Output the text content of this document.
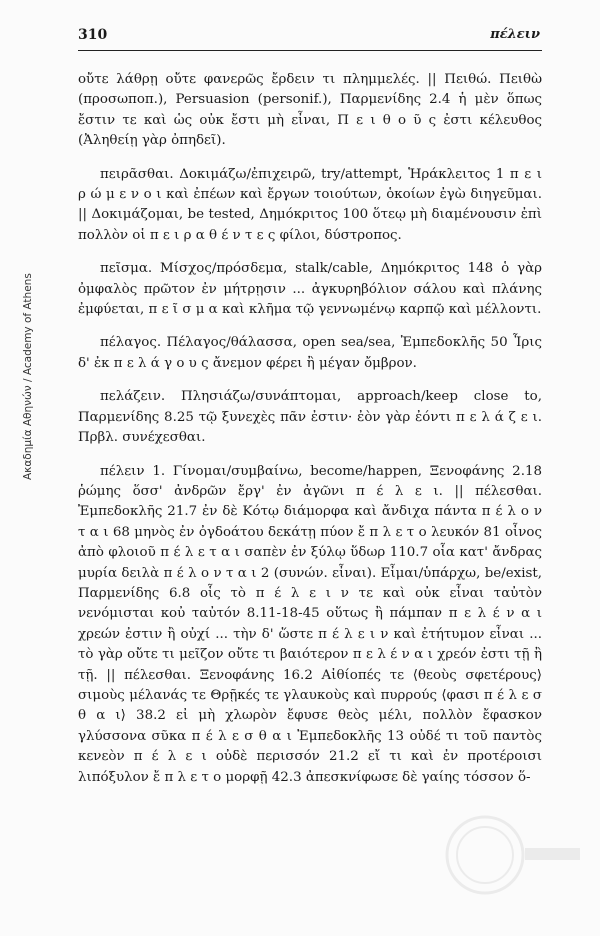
Ακαδημία Αθηνών / Academy of Athens
310	πέλειν

οὔτε λάθρῃ οὔτε φανερῶς ἔρδειν τι πλημμελές. || Πειθώ. Πειθὼ (προσωποπ.), Persuasion (personif.), Παρμενίδης 2.4 ἡ μὲν ὅπως ἔστιν τε καὶ ὡς οὐκ ἔστι μὴ εἶναι, Π ε ι θ ο ῦ ς ἐστι κέλευθος (Ἀληθείῃ γὰρ ὀπηδεῖ).

πειρᾶσθαι. Δοκιμάζω/ἐπιχειρῶ, try/attempt, Ἡράκλειτος 1 π ε ι ρ ώ μ ε ν ο ι καὶ ἐπέων καὶ ἔργων τοιούτων, ὁκοίων ἐγὼ διηγεῦμαι. || Δοκιμάζομαι, be tested, Δημόκριτος 100 ὅτεῳ μὴ διαμένουσιν ἐπὶ πολλὸν οἱ π ε ι ρ α θ έ ν τ ε ς φίλοι, δύστροπος.

πεῖσμα. Μίσχος/πρόσδεμα, stalk/cable, Δημόκριτος 148 ὁ γὰρ ὀμφαλὸς πρῶτον ἐν μήτρῃσιν ... ἀγκυρηβόλιον σάλου καὶ πλάνης ἐμφύεται, π ε ῖ σ μ α καὶ κλῆμα τῷ γεννωμένῳ καρπῷ καὶ μέλλοντι.

πέλαγος. Πέλαγος/θάλασσα, open sea/sea, Ἐμπεδοκλῆς 50 Ἶρις δ' ἐκ π ε λ ά γ ο υ ς ἄνεμον φέρει ἢ μέγαν ὄμβρον.

πελάζειν. Πλησιάζω/συνάπτομαι, approach/keep close to, Παρμενίδης 8.25 τῷ ξυνεχὲς πᾶν ἐστιν· ἐὸν γὰρ ἐόντι π ε λ ά ζ ε ι. Πρβλ. συνέχεσθαι.

πέλειν 1. Γίνομαι/συμβαίνω, become/happen, Ξενοφάνης 2.18 ῥώμης ὅσσ' ἀνδρῶν ἔργ' ἐν ἀγῶνι π έ λ ε ι. || πέλεσθαι. Ἐμπεδοκλῆς 21.7 ἐν δὲ Κότῳ διάμορφα καὶ ἄνδιχα πάντα π έ λ ο ν τ α ι 68 μηνὸς ἐν ὀγδοάτου δεκάτῃ πύον ἔ π λ ε τ ο λευκόν 81 οἶνος ἀπὸ φλοιοῦ π έ λ ε τ α ι σαπὲν ἐν ξύλῳ ὕδωρ 110.7 οἷα κατ' ἄνδρας μυρία δειλὰ π έ λ ο ν τ α ι 2 (συνών. εἶναι). Εἶμαι/ὑπάρχω, be/exist, Παρμενίδης 6.8 οἷς τὸ π έ λ ε ι ν τε καὶ οὐκ εἶναι ταὐτὸν νενόμισται κοὐ ταὐτόν 8.11-18-45 οὕτως ἢ πάμπαν π ε λ έ ν α ι χρεών ἐστιν ἢ οὐχί ... τὴν δ' ὥστε π έ λ ε ι ν καὶ ἐτήτυμον εἶναι ... τὸ γὰρ οὔτε τι μεῖζον οὔτε τι βαιότερον π ε λ έ ν α ι χρεόν ἐστι τῇ ἢ τῇ. || πέλεσθαι. Ξενοφάνης 16.2 Αἰθίοπές τε ⟨θεοὺς σφετέρους⟩ σιμοὺς μέλανάς τε Θρῇκές τε γλαυκοὺς καὶ πυρρούς ⟨φασι π έ λ ε σ θ α ι⟩ 38.2 εἰ μὴ χλωρὸν ἔφυσε θεὸς μέλι, πολλὸν ἔφασκον γλύσσονα σῦκα π έ λ ε σ θ α ι Ἐμπεδοκλῆς 13 οὐδέ τι τοῦ παντὸς κενεὸν π έ λ ε ι οὐδὲ περισσόν 21.2 εἴ τι καὶ ἐν προτέροισι λιπόξυλον ἔ π λ ε τ ο μορφῇ 42.3 ἀπεσκνίφωσε δὲ γαίης τόσσον ὅ-
